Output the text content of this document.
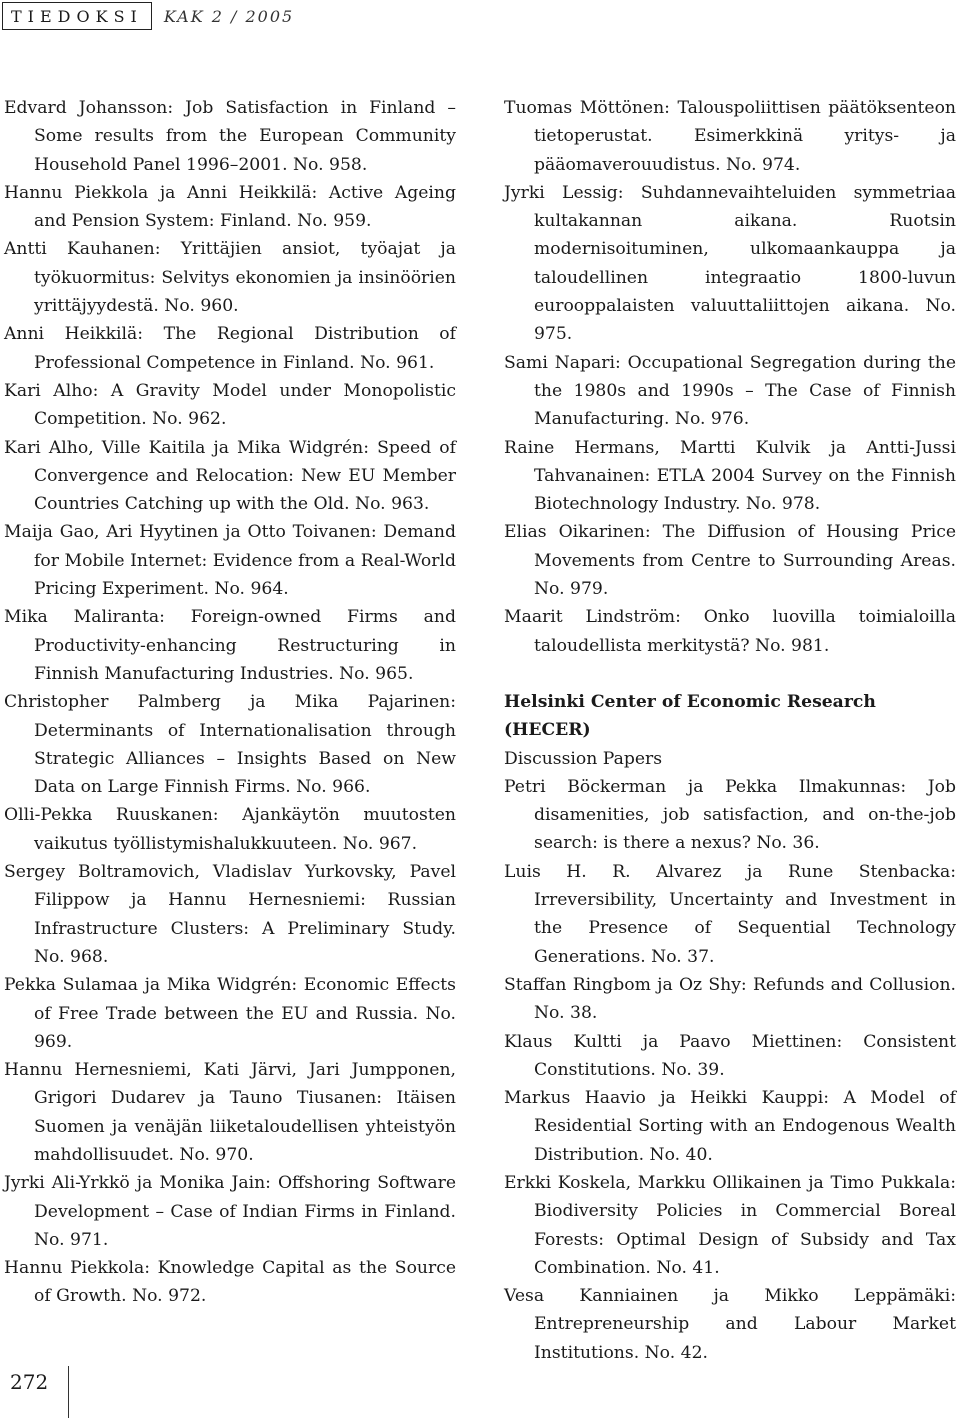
TIEDOKSI	KAK 2 / 2005

Edvard Johansson: Job Satisfaction in Finland – Some results from the European Community Household Panel 1996–2001. No. 958.

Hannu Piekkola ja Anni Heikkilä: Active Ageing and Pension System: Finland. No. 959.

Antti Kauhanen: Yrittäjien ansiot, työajat ja työkuormitus: Selvitys ekonomien ja insinöörien yrittäjyydestä. No. 960.

Anni Heikkilä: The Regional Distribution of Professional Competence in Finland. No. 961.

Kari Alho: A Gravity Model under Monopolistic Competition. No. 962.

Kari Alho, Ville Kaitila ja Mika Widgrén: Speed of Convergence and Relocation: New EU Member Countries Catching up with the Old. No. 963.

Maija Gao, Ari Hyytinen ja Otto Toivanen: Demand for Mobile Internet: Evidence from a Real-World Pricing Experiment. No. 964.

Mika Maliranta: Foreign-owned Firms and Productivity-enhancing Restructuring in Finnish Manufacturing Industries. No. 965.

Christopher Palmberg ja Mika Pajarinen: Determinants of Internationalisation through Strategic Alliances – Insights Based on New Data on Large Finnish Firms. No. 966.

Olli-Pekka Ruuskanen: Ajankäytön muutosten vaikutus työllistymishalukkuuteen. No. 967.

Sergey Boltramovich, Vladislav Yurkovsky, Pavel Filippow ja Hannu Hernesniemi: Russian Infrastructure Clusters: A Preliminary Study. No. 968.

Pekka Sulamaa ja Mika Widgrén: Economic Effects of Free Trade between the EU and Russia. No. 969.

Hannu Hernesniemi, Kati Järvi, Jari Jumpponen, Grigori Dudarev ja Tauno Tiusanen: Itäisen Suomen ja venäjän liiketaloudellisen yhteistyön mahdollisuudet. No. 970.

Jyrki Ali-Yrkkö ja Monika Jain: Offshoring Software Development – Case of Indian Firms in Finland. No. 971.

Hannu Piekkola: Knowledge Capital as the Source of Growth. No. 972.

Tuomas Möttönen: Talouspoliittisen päätöksenteon tietoperustat. Esimerkkinä yritys- ja pääomaverouudistus. No. 974.

Jyrki Lessig: Suhdannevaihteluiden symmetriaa kultakannan aikana. Ruotsin modernisoituminen, ulkomaankauppa ja taloudellinen integraatio 1800-luvun eurooppalaisten valuuttaliittojen aikana. No. 975.

Sami Napari: Occupational Segregation during the the 1980s and 1990s – The Case of Finnish Manufacturing. No. 976.

Raine Hermans, Martti Kulvik ja Antti-Jussi Tahvanainen: ETLA 2004 Survey on the Finnish Biotechnology Industry. No. 978.

Elias Oikarinen: The Diffusion of Housing Price Movements from Centre to Surrounding Areas. No. 979.

Maarit Lindström: Onko luovilla toimialoilla taloudellista merkitystä? No. 981.

Helsinki Center of Economic Research
(HECER)

Discussion Papers

Petri Böckerman ja Pekka Ilmakunnas: Job disamenities, job satisfaction, and on-the-job search: is there a nexus? No. 36.

Luis H. R. Alvarez ja Rune Stenbacka: Irreversibility, Uncertainty and Investment in the Presence of Sequential Technology Generations. No. 37.

Staffan Ringbom ja Oz Shy: Refunds and Collusion. No. 38.

Klaus Kultti ja Paavo Miettinen: Consistent Constitutions. No. 39.

Markus Haavio ja Heikki Kauppi: A Model of Residential Sorting with an Endogenous Wealth Distribution. No. 40.

Erkki Koskela, Markku Ollikainen ja Timo Pukkala: Biodiversity Policies in Commercial Boreal Forests: Optimal Design of Subsidy and Tax Combination. No. 41.

Vesa Kanniainen ja Mikko Leppämäki: Entrepreneurship and Labour Market Institutions. No. 42.

272
